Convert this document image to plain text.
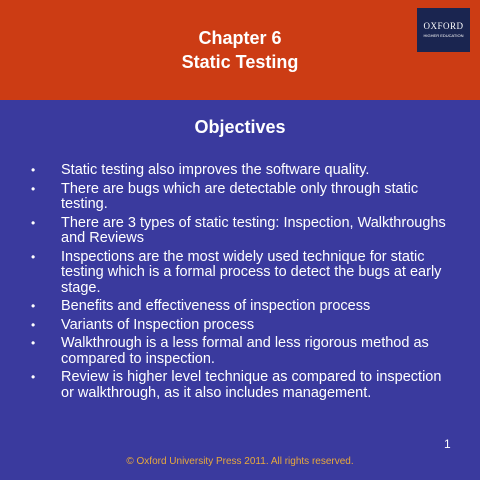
Chapter 6
Static Testing
OXFORD
HIGHER EDUCATION
Objectives
• Static testing also improves the software quality.
• There are bugs which are detectable only through static testing.
• There are 3 types of static testing: Inspection, Walkthroughs and Reviews
• Inspections are the most widely used technique for static testing which is a formal process to detect the bugs at early stage.
• Benefits and effectiveness of inspection process
• Variants of Inspection process
• Walkthrough is a less formal and less rigorous method as compared to inspection.
• Review is higher level technique as compared to inspection or walkthrough, as it also includes management.
1
© Oxford University Press 2011. All rights reserved.
